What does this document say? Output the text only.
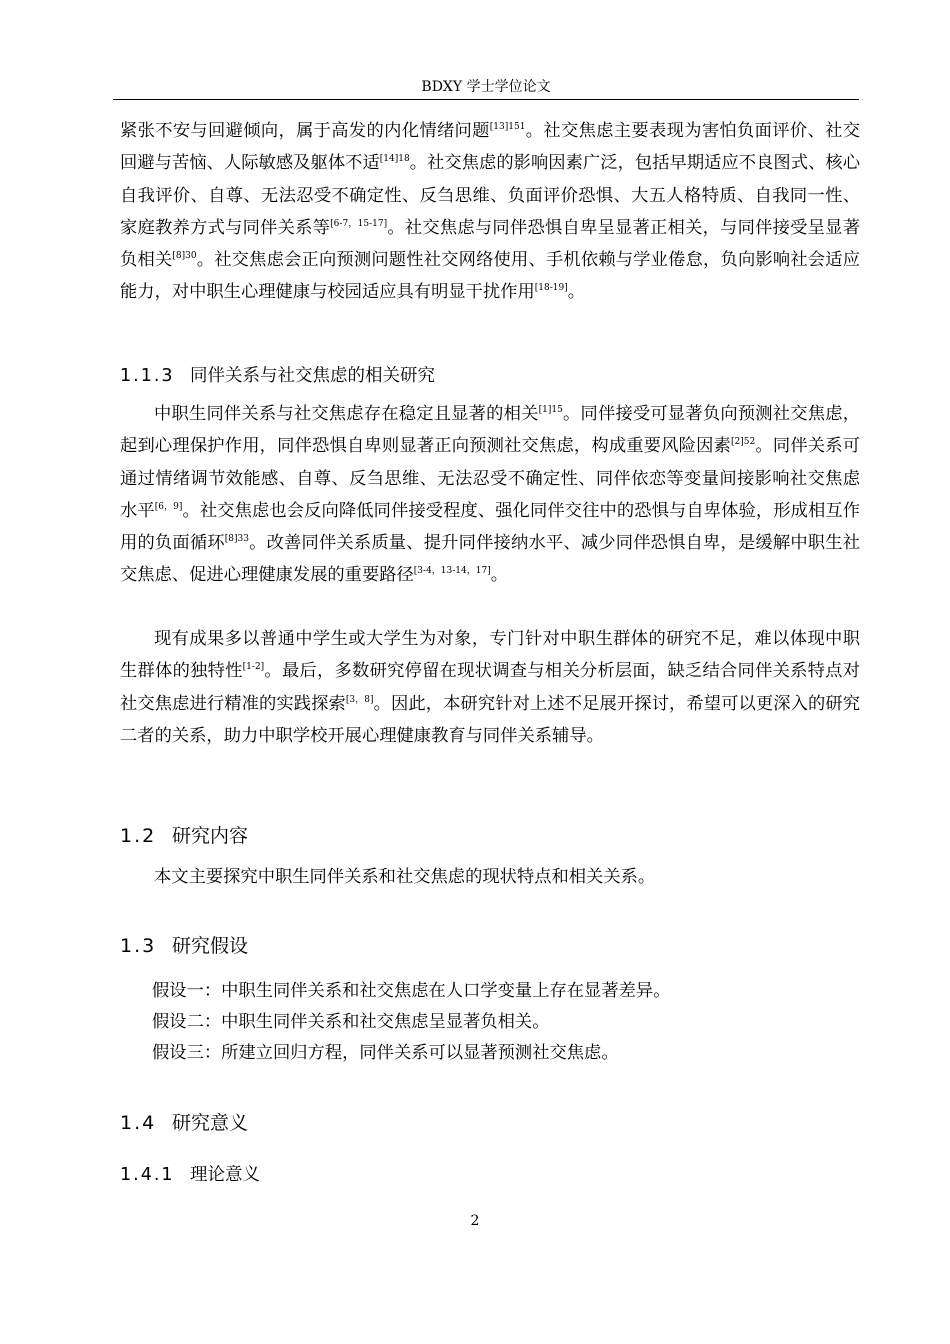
BDXY 学士学位论文

紧张不安与回避倾向，属于高发的内化情绪问题$^{[13]151}$。社交焦虑主要表现为害怕负面评价、社交回避与苦恼、人际敏感及躯体不适$^{[14]18}$。社交焦虑的影响因素广泛，包括早期适应不良图式、核心自我评价、自尊、无法忍受不确定性、反刍思维、负面评价恐惧、大五人格特质、自我同一性、家庭教养方式与同伴关系等[6-7，15-17]。社交焦虑与同伴恐惧自卑呈显著正相关，与同伴接受呈显著负相关$^{[8]30}$。社交焦虑会正向预测问题性社交网络使用、手机依赖与学业倦怠，负向影响社会适应能力，对中职生心理健康与校园适应具有明显干扰作用[18-19]。

1.1.3 同伴关系与社交焦虑的相关研究

中职生同伴关系与社交焦虑存在稳定且显著的相关$^{[1]15}$。同伴接受可显著负向预测社交焦虑，起到心理保护作用，同伴恐惧自卑则显著正向预测社交焦虑，构成重要风险因素$^{[2]52}$。同伴关系可通过情绪调节效能感、自尊、反刍思维、无法忍受不确定性、同伴依恋等变量间接影响社交焦虑水平[6，9]。社交焦虑也会反向降低同伴接受程度、强化同伴交往中的恐惧与自卑体验，形成相互作用的负面循环$^{[8]33}$。改善同伴关系质量、提升同伴接纳水平、减少同伴恐惧自卑，是缓解中职生社交焦虑、促进心理健康发展的重要路径[3-4，13-14，17]。

现有成果多以普通中学生或大学生为对象，专门针对中职生群体的研究不足，难以体现中职生群体的独特性[1-2]。最后，多数研究停留在现状调查与相关分析层面，缺乏结合同伴关系特点对社交焦虑进行精准的实践探索[3，8]。因此，本研究针对上述不足展开探讨，希望可以更深入的研究二者的关系，助力中职学校开展心理健康教育与同伴关系辅导。

1.2 研究内容

本文主要探究中职生同伴关系和社交焦虑的现状特点和相关关系。

1.3 研究假设

假设一：中职生同伴关系和社交焦虑在人口学变量上存在显著差异。

假设二：中职生同伴关系和社交焦虑呈显著负相关。

假设三：所建立回归方程，同伴关系可以显著预测社交焦虑。

1.4 研究意义
1.4.1 理论意义
2
